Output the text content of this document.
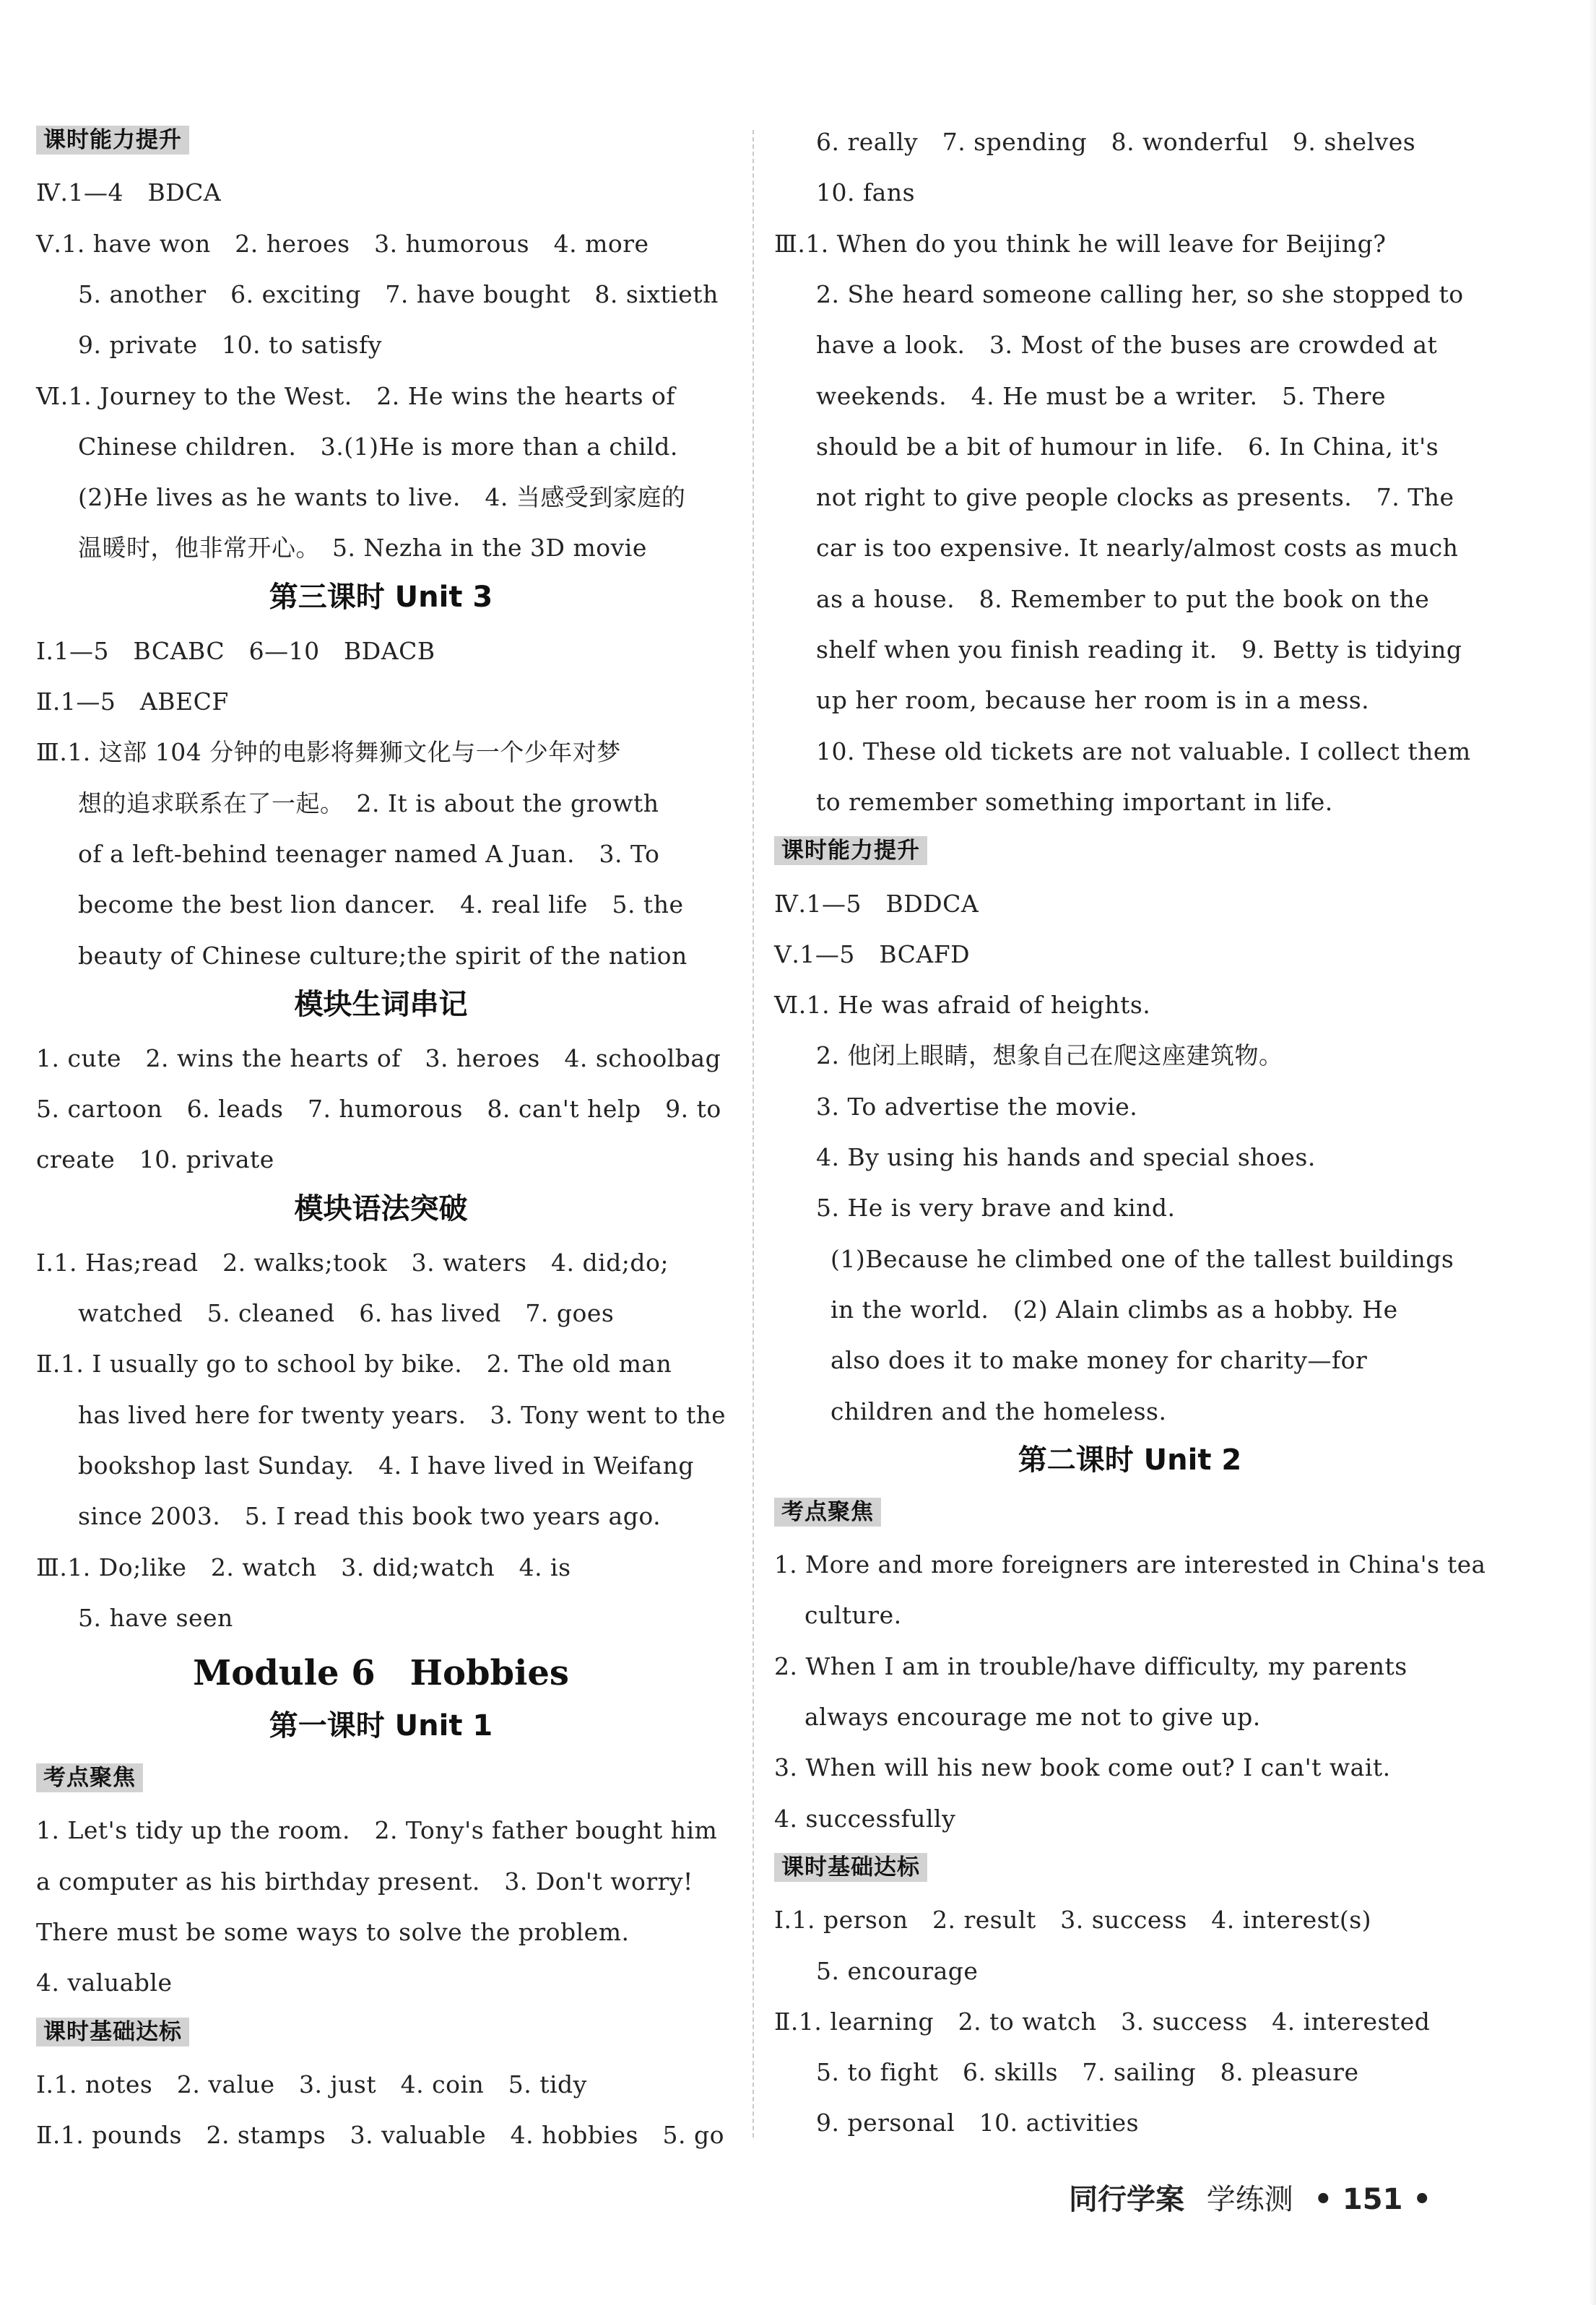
课时能力提升
Ⅳ.1—4　BDCA
Ⅴ.1. have won　2. heroes　3. humorous　4. more
5. another　6. exciting　7. have bought　8. sixtieth
9. private　10. to satisfy
Ⅵ.1. Journey to the West.　2. He wins the hearts of
Chinese children.　3.(1)He is more than a child.
(2)He lives as he wants to live.　4. 当感受到家庭的
温暖时，他非常开心。　5. Nezha in the 3D movie
第三课时 Unit 3
Ⅰ.1—5　BCABC　6—10　BDACB
Ⅱ.1—5　ABECF
Ⅲ.1. 这部 104 分钟的电影将舞狮文化与一个少年对梦
想的追求联系在了一起。　2. It is about the growth
of a left-behind teenager named A Juan.　3. To
become the best lion dancer.　4. real life　5. the
beauty of Chinese culture;the spirit of the nation
模块生词串记
1. cute　2. wins the hearts of　3. heroes　4. schoolbag
5. cartoon　6. leads　7. humorous　8. can't help　9. to
create　10. private
模块语法突破
Ⅰ.1. Has;read　2. walks;took　3. waters　4. did;do;
watched　5. cleaned　6. has lived　7. goes
Ⅱ.1. I usually go to school by bike.　2. The old man
has lived here for twenty years.　3. Tony went to the
bookshop last Sunday.　4. I have lived in Weifang
since 2003.　5. I read this book two years ago.
Ⅲ.1. Do;like　2. watch　3. did;watch　4. is
5. have seen
Module 6　Hobbies
第一课时 Unit 1
考点聚焦
1. Let's tidy up the room.　2. Tony's father bought him
a computer as his birthday present.　3. Don't worry!
There must be some ways to solve the problem.
4. valuable
课时基础达标
Ⅰ.1. notes　2. value　3. just　4. coin　5. tidy
Ⅱ.1. pounds　2. stamps　3. valuable　4. hobbies　5. go
6. really　7. spending　8. wonderful　9. shelves
10. fans
Ⅲ.1. When do you think he will leave for Beijing?
2. She heard someone calling her, so she stopped to
have a look.　3. Most of the buses are crowded at
weekends.　4. He must be a writer.　5. There
should be a bit of humour in life.　6. In China, it's
not right to give people clocks as presents.　7. The
car is too expensive. It nearly/almost costs as much
as a house.　8. Remember to put the book on the
shelf when you finish reading it.　9. Betty is tidying
up her room, because her room is in a mess.
10. These old tickets are not valuable. I collect them
to remember something important in life.
课时能力提升
Ⅳ.1—5　BDDCA
Ⅴ.1—5　BCAFD
Ⅵ.1. He was afraid of heights.
2. 他闭上眼睛，想象自己在爬这座建筑物。
3. To advertise the movie.
4. By using his hands and special shoes.
5. He is very brave and kind.
(1)Because he climbed one of the tallest buildings
in the world.　(2) Alain climbs as a hobby. He
also does it to make money for charity—for
children and the homeless.
第二课时 Unit 2
考点聚焦
1. More and more foreigners are interested in China's tea
culture.
2. When I am in trouble/have difficulty, my parents
always encourage me not to give up.
3. When will his new book come out? I can't wait.
4. successfully
课时基础达标
Ⅰ.1. person　2. result　3. success　4. interest(s)
5. encourage
Ⅱ.1. learning　2. to watch　3. success　4. interested
5. to fight　6. skills　7. sailing　8. pleasure
9. personal　10. activities
同行学案 学练测 • 151 •
